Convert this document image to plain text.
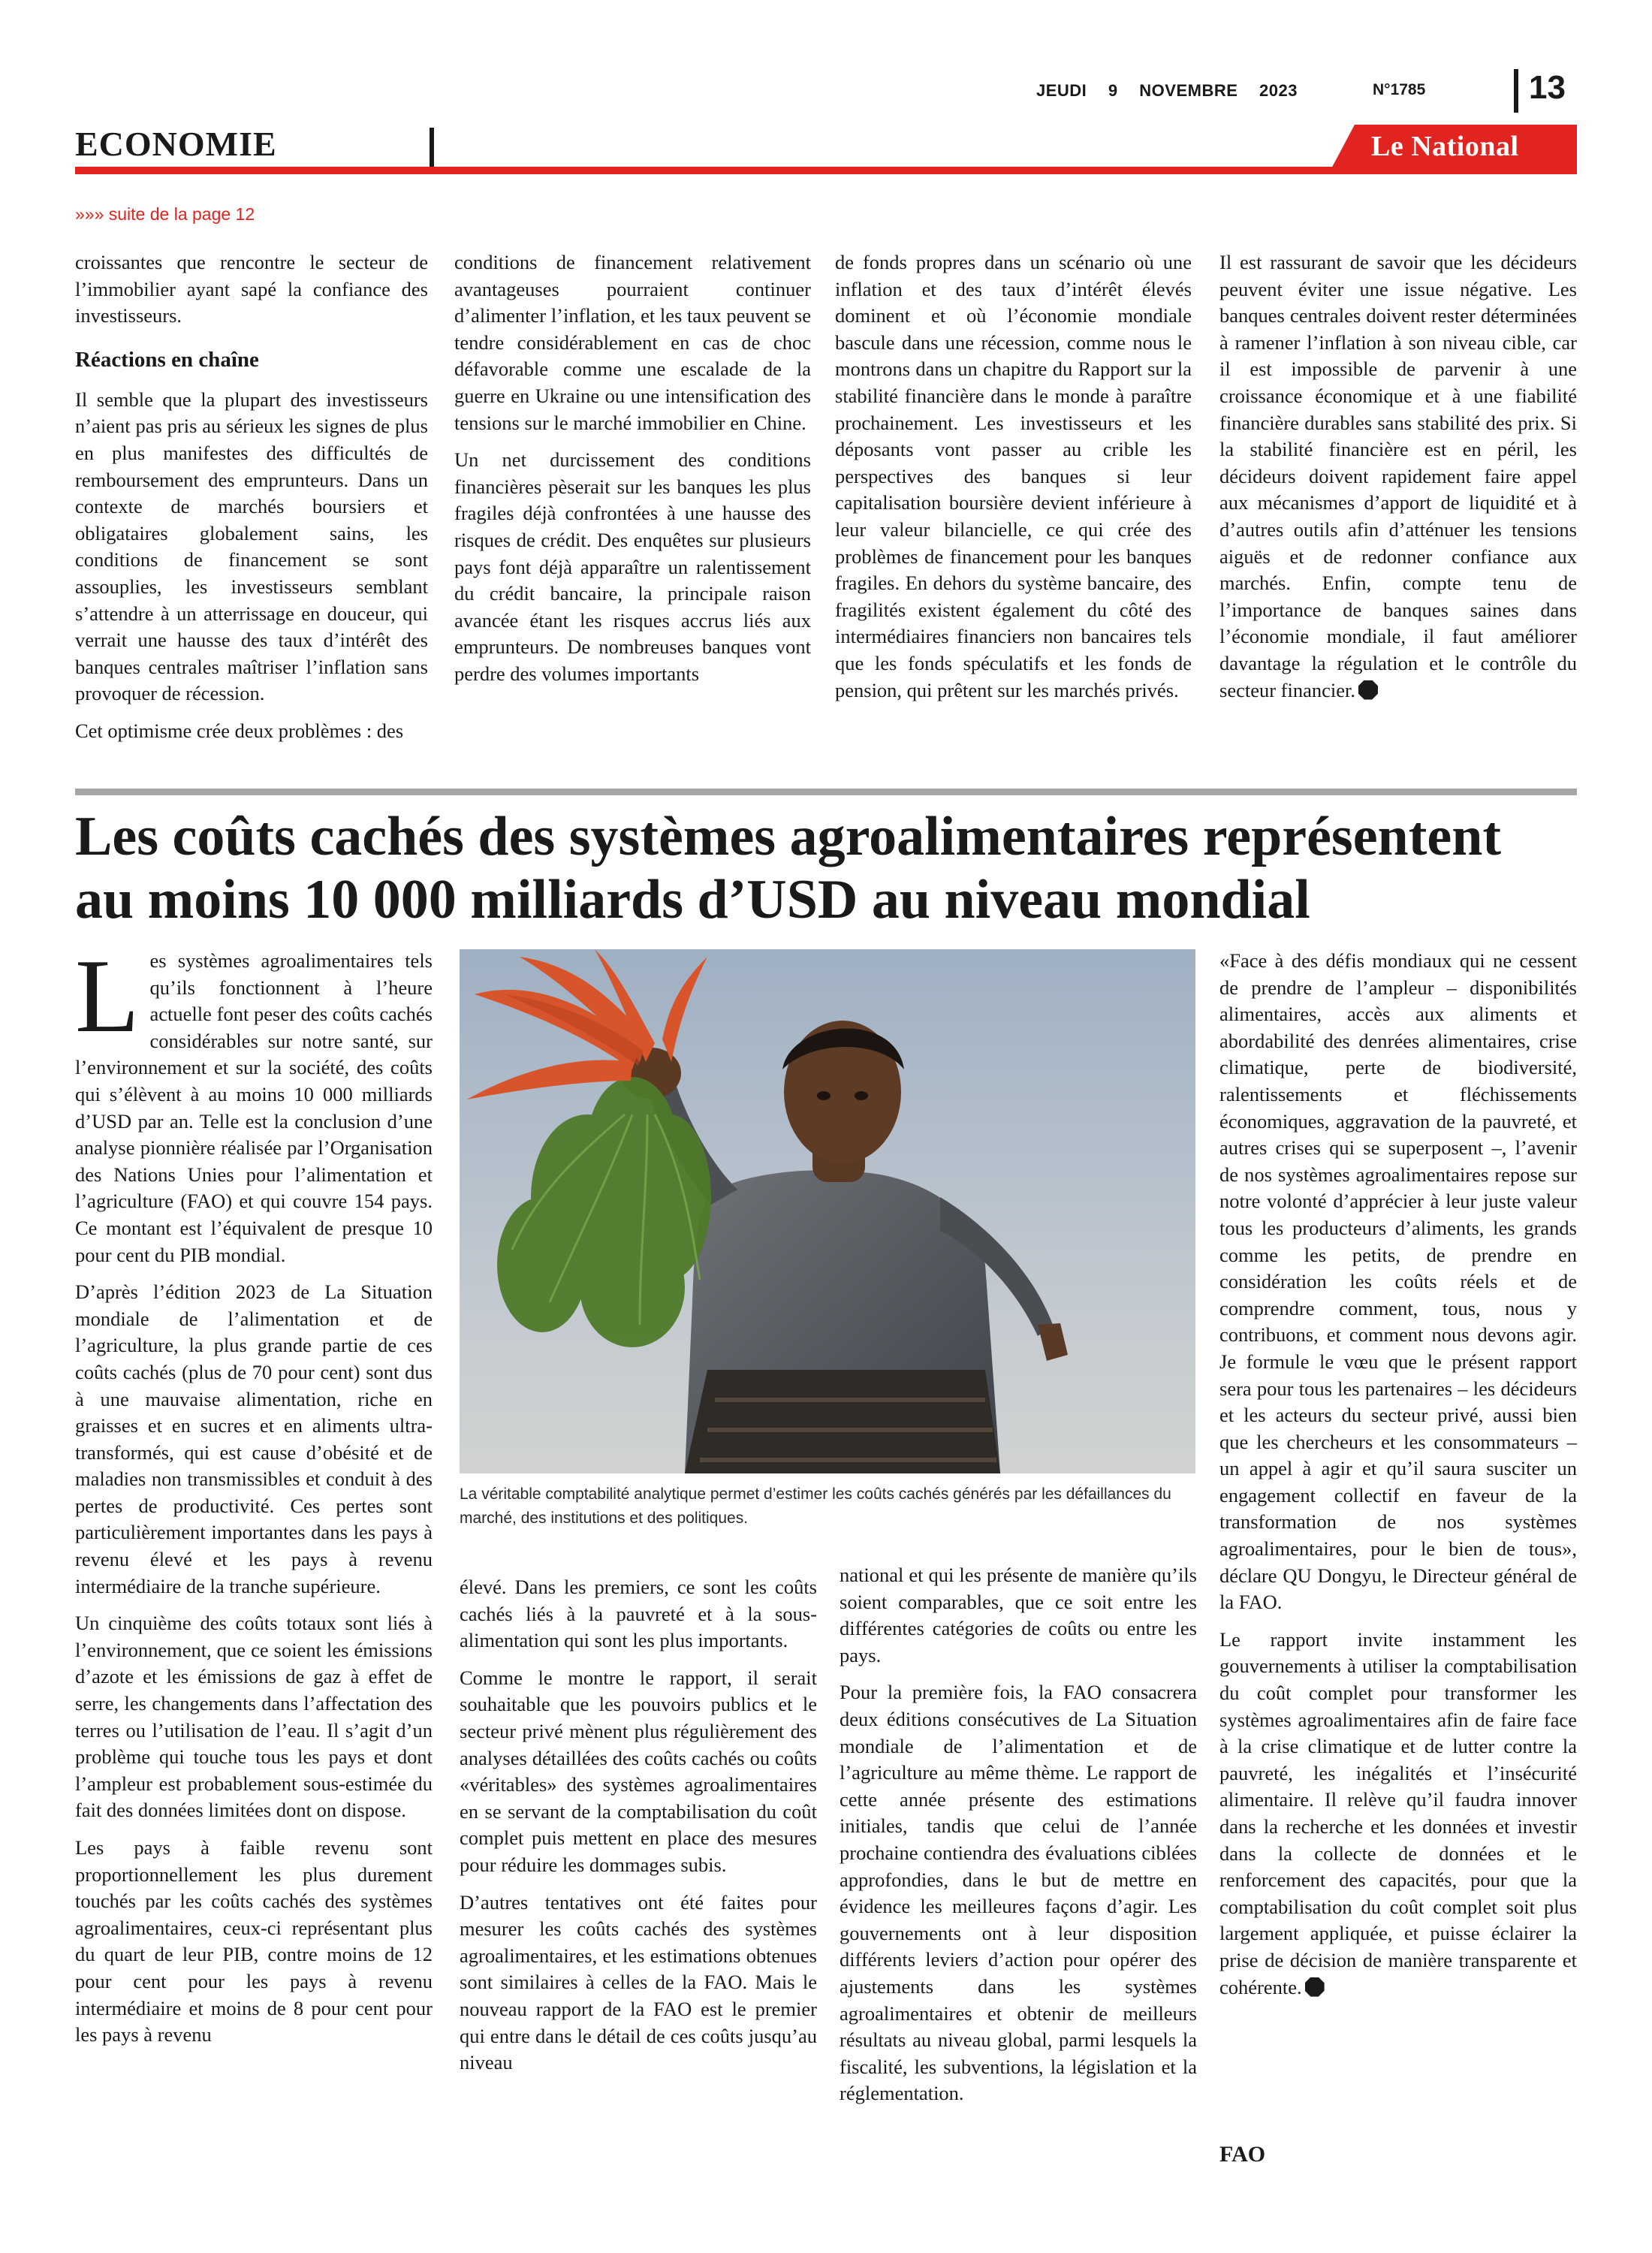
JEUDI 9 NOVEMBRE 2023	N°1785	13
ECONOMIE	Le National
»»» suite de la page 12

croissantes que rencontre le secteur de l’immobilier ayant sapé la confiance des investisseurs.

Réactions en chaîne

Il semble que la plupart des investisseurs n’aient pas pris au sérieux les signes de plus en plus manifestes des difficultés de remboursement des emprunteurs. Dans un contexte de marchés boursiers et obligataires globalement sains, les conditions de financement se sont assouplies, les investisseurs semblant s’attendre à un atterrissage en douceur, qui verrait une hausse des taux d’intérêt des banques centrales maîtriser l’inflation sans provoquer de récession.

Cet optimisme crée deux problèmes : des

conditions de financement relativement avantageuses pourraient continuer d’alimenter l’inflation, et les taux peuvent se tendre considérablement en cas de choc défavorable comme une escalade de la guerre en Ukraine ou une intensification des tensions sur le marché immobilier en Chine.

Un net durcissement des conditions financières pèserait sur les banques les plus fragiles déjà confrontées à une hausse des risques de crédit. Des enquêtes sur plusieurs pays font déjà apparaître un ralentissement du crédit bancaire, la principale raison avancée étant les risques accrus liés aux emprunteurs. De nombreuses banques vont perdre des volumes importants

de fonds propres dans un scénario où une inflation et des taux d’intérêt élevés dominent et où l’économie mondiale bascule dans une récession, comme nous le montrons dans un chapitre du Rapport sur la stabilité financière dans le monde à paraître prochainement. Les investisseurs et les déposants vont passer au crible les perspectives des banques si leur capitalisation boursière devient inférieure à leur valeur bilancielle, ce qui crée des problèmes de financement pour les banques fragiles. En dehors du système bancaire, des fragilités existent également du côté des intermédiaires financiers non bancaires tels que les fonds spéculatifs et les fonds de pension, qui prêtent sur les marchés privés.

Il est rassurant de savoir que les décideurs peuvent éviter une issue négative. Les banques centrales doivent rester déterminées à ramener l’inflation à son niveau cible, car il est impossible de parvenir à une croissance économique et à une fiabilité financière durables sans stabilité des prix. Si la stabilité financière est en péril, les décideurs doivent rapidement faire appel aux mécanismes d’apport de liquidité et à d’autres outils afin d’atténuer les tensions aiguës et de redonner confiance aux marchés. Enfin, compte tenu de l’importance de banques saines dans l’économie mondiale, il faut améliorer davantage la régulation et le contrôle du secteur financier.

Les coûts cachés des systèmes agroalimentaires représentent
au moins 10 000 milliards d’USD au niveau mondial

Les systèmes agroalimentaires tels qu’ils fonctionnent à l’heure actuelle font peser des coûts cachés considérables sur notre santé, sur l’environnement et sur la société, des coûts qui s’élèvent à au moins 10 000 milliards d’USD par an. Telle est la conclusion d’une analyse pionnière réalisée par l’Organisation des Nations Unies pour l’alimentation et l’agriculture (FAO) et qui couvre 154 pays. Ce montant est l’équivalent de presque 10 pour cent du PIB mondial.

D’après l’édition 2023 de La Situation mondiale de l’alimentation et de l’agriculture, la plus grande partie de ces coûts cachés (plus de 70 pour cent) sont dus à une mauvaise alimentation, riche en graisses et en sucres et en aliments ultra-transformés, qui est cause d’obésité et de maladies non transmissibles et conduit à des pertes de productivité. Ces pertes sont particulièrement importantes dans les pays à revenu élevé et les pays à revenu intermédiaire de la tranche supérieure.

Un cinquième des coûts totaux sont liés à l’environnement, que ce soient les émissions d’azote et les émissions de gaz à effet de serre, les changements dans l’affectation des terres ou l’utilisation de l’eau. Il s’agit d’un problème qui touche tous les pays et dont l’ampleur est probablement sous-estimée du fait des données limitées dont on dispose.

Les pays à faible revenu sont proportionnellement les plus durement touchés par les coûts cachés des systèmes agroalimentaires, ceux-ci représentant plus du quart de leur PIB, contre moins de 12 pour cent pour les pays à revenu intermédiaire et moins de 8 pour cent pour les pays à revenu

La véritable comptabilité analytique permet d’estimer les coûts cachés générés par les défaillances du marché, des institutions et des politiques.

élevé. Dans les premiers, ce sont les coûts cachés liés à la pauvreté et à la sous-alimentation qui sont les plus importants.

Comme le montre le rapport, il serait souhaitable que les pouvoirs publics et le secteur privé mènent plus régulièrement des analyses détaillées des coûts cachés ou coûts «véritables» des systèmes agroalimentaires en se servant de la comptabilisation du coût complet puis mettent en place des mesures pour réduire les dommages subis.

D’autres tentatives ont été faites pour mesurer les coûts cachés des systèmes agroalimentaires, et les estimations obtenues sont similaires à celles de la FAO. Mais le nouveau rapport de la FAO est le premier qui entre dans le détail de ces coûts jusqu’au niveau

national et qui les présente de manière qu’ils soient comparables, que ce soit entre les différentes catégories de coûts ou entre les pays.

Pour la première fois, la FAO consacrera deux éditions consécutives de La Situation mondiale de l’alimentation et de l’agriculture au même thème. Le rapport de cette année présente des estimations initiales, tandis que celui de l’année prochaine contiendra des évaluations ciblées approfondies, dans le but de mettre en évidence les meilleures façons d’agir. Les gouvernements ont à leur disposition différents leviers d’action pour opérer des ajustements dans les systèmes agroalimentaires et obtenir de meilleurs résultats au niveau global, parmi lesquels la fiscalité, les subventions, la législation et la réglementation.

«Face à des défis mondiaux qui ne cessent de prendre de l’ampleur – disponibilités alimentaires, accès aux aliments et abordabilité des denrées alimentaires, crise climatique, perte de biodiversité, ralentissements et fléchissements économiques, aggravation de la pauvreté, et autres crises qui se superposent –, l’avenir de nos systèmes agroalimentaires repose sur notre volonté d’apprécier à leur juste valeur tous les producteurs d’aliments, les grands comme les petits, de prendre en considération les coûts réels et de comprendre comment, tous, nous y contribuons, et comment nous devons agir. Je formule le vœu que le présent rapport sera pour tous les partenaires – les décideurs et les acteurs du secteur privé, aussi bien que les chercheurs et les consommateurs – un appel à agir et qu’il saura susciter un engagement collectif en faveur de la transformation de nos systèmes agroalimentaires, pour le bien de tous», déclare QU Dongyu, le Directeur général de la FAO.

Le rapport invite instamment les gouvernements à utiliser la comptabilisation du coût complet pour transformer les systèmes agroalimentaires afin de faire face à la crise climatique et de lutter contre la pauvreté, les inégalités et l’insécurité alimentaire. Il relève qu’il faudra innover dans la recherche et les données et investir dans la collecte de données et le renforcement des capacités, pour que la comptabilisation du coût complet soit plus largement appliquée, et puisse éclairer la prise de décision de manière transparente et cohérente.

FAO
